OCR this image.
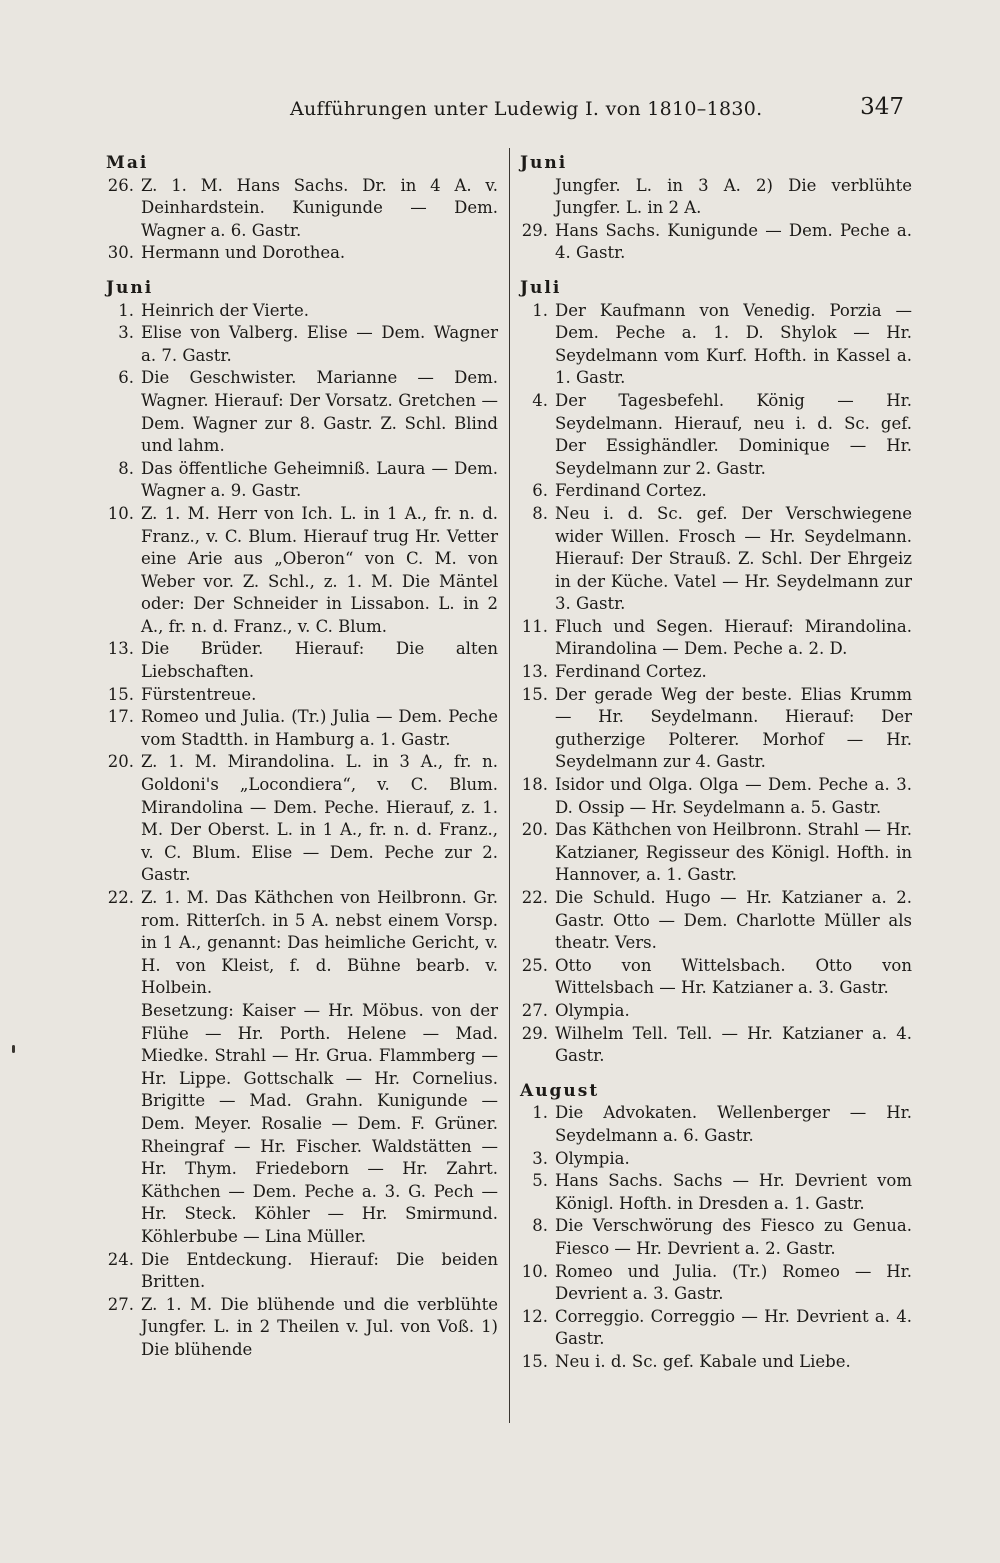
Aufführungen unter Ludewig I. von 1810–1830.	347
Mai
26. Z. 1. M. Hans Sachs. Dr. in 4 A. v. Deinhardstein. Kunigunde — Dem. Wagner a. 6. Gastr.
30. Hermann und Dorothea.
Juni
1. Heinrich der Vierte.
3. Elise von Valberg. Elise — Dem. Wagner a. 7. Gastr.
6. Die Geschwister. Marianne — Dem. Wagner. Hierauf: Der Vorsatz. Gretchen — Dem. Wagner zur 8. Gastr. Z. Schl. Blind und lahm.
8. Das öffentliche Geheimniß. Laura — Dem. Wagner a. 9. Gastr.
10. Z. 1. M. Herr von Ich. L. in 1 A., fr. n. d. Franz., v. C. Blum. Hierauf trug Hr. Vetter eine Arie aus „Oberon“ von C. M. von Weber vor. Z. Schl., z. 1. M. Die Mäntel oder: Der Schneider in Lissabon. L. in 2 A., fr. n. d. Franz., v. C. Blum.
13. Die Brüder. Hierauf: Die alten Liebschaften.
15. Fürstentreue.
17. Romeo und Julia. (Tr.) Julia — Dem. Peche vom Stadtth. in Hamburg a. 1. Gastr.
20. Z. 1. M. Mirandolina. L. in 3 A., fr. n. Goldoni's „Locondiera“, v. C. Blum. Mirandolina — Dem. Peche. Hierauf, z. 1. M. Der Oberst. L. in 1 A., fr. n. d. Franz., v. C. Blum. Elise — Dem. Peche zur 2. Gastr.
22. Z. 1. M. Das Käthchen von Heilbronn. Gr. rom. Ritterſch. in 5 A. nebst einem Vorsp. in 1 A., genannt: Das heimliche Gericht, v. H. von Kleist, f. d. Bühne bearb. v. Holbein.
Besetzung: Kaiser — Hr. Möbus. von der Flühe — Hr. Porth. Helene — Mad. Miedke. Strahl — Hr. Grua. Flammberg — Hr. Lippe. Gottschalk — Hr. Cornelius. Brigitte — Mad. Grahn. Kunigunde — Dem. Meyer. Rosalie — Dem. F. Grüner. Rheingraf — Hr. Fischer. Waldstätten — Hr. Thym. Friedeborn — Hr. Zahrt. Käthchen — Dem. Peche a. 3. G. Pech — Hr. Steck. Köhler — Hr. Smirmund. Köhlerbube — Lina Müller.
24. Die Entdeckung. Hierauf: Die beiden Britten.
27. Z. 1. M. Die blühende und die verblühte Jungfer. L. in 2 Theilen v. Jul. von Voß. 1) Die blühende
Juni
Jungfer. L. in 3 A. 2) Die verblühte Jungfer. L. in 2 A.
29. Hans Sachs. Kunigunde — Dem. Peche a. 4. Gastr.
Juli
1. Der Kaufmann von Venedig. Porzia — Dem. Peche a. 1. D. Shylok — Hr. Seydelmann vom Kurf. Hofth. in Kassel a. 1. Gastr.
4. Der Tagesbefehl. König — Hr. Seydelmann. Hierauf, neu i. d. Sc. gef. Der Essighändler. Dominique — Hr. Seydelmann zur 2. Gastr.
6. Ferdinand Cortez.
8. Neu i. d. Sc. gef. Der Verschwiegene wider Willen. Frosch — Hr. Seydelmann. Hierauf: Der Strauß. Z. Schl. Der Ehrgeiz in der Küche. Vatel — Hr. Seydelmann zur 3. Gastr.
11. Fluch und Segen. Hierauf: Mirandolina. Mirandolina — Dem. Peche a. 2. D.
13. Ferdinand Cortez.
15. Der gerade Weg der beste. Elias Krumm — Hr. Seydelmann. Hierauf: Der gutherzige Polterer. Morhof — Hr. Seydelmann zur 4. Gastr.
18. Isidor und Olga. Olga — Dem. Peche a. 3. D. Ossip — Hr. Seydelmann a. 5. Gastr.
20. Das Käthchen von Heilbronn. Strahl — Hr. Katzianer, Regisseur des Königl. Hofth. in Hannover, a. 1. Gastr.
22. Die Schuld. Hugo — Hr. Katzianer a. 2. Gastr. Otto — Dem. Charlotte Müller als theatr. Vers.
25. Otto von Wittelsbach. Otto von Wittelsbach — Hr. Katzianer a. 3. Gastr.
27. Olympia.
29. Wilhelm Tell. Tell. — Hr. Katzianer a. 4. Gastr.
August
1. Die Advokaten. Wellenberger — Hr. Seydelmann a. 6. Gastr.
3. Olympia.
5. Hans Sachs. Sachs — Hr. Devrient vom Königl. Hofth. in Dresden a. 1. Gastr.
8. Die Verschwörung des Fiesco zu Genua. Fiesco — Hr. Devrient a. 2. Gastr.
10. Romeo und Julia. (Tr.) Romeo — Hr. Devrient a. 3. Gastr.
12. Correggio. Correggio — Hr. Devrient a. 4. Gastr.
15. Neu i. d. Sc. gef. Kabale und Liebe.
